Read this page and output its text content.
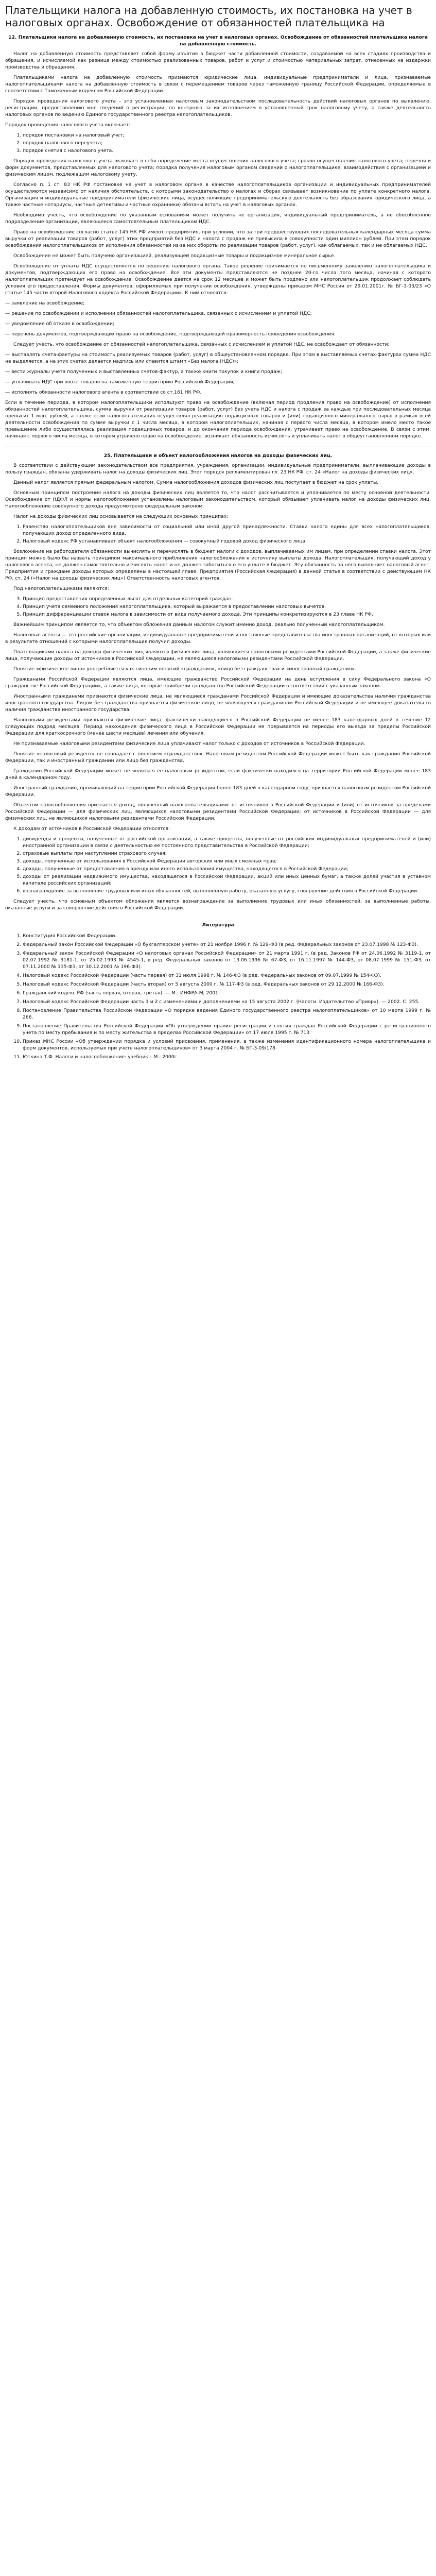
Плательщики налога на добавленную стоимость, их постановка на учет в налоговых органах. Освобождение от обязанностей плательщика на
12. Плательщики налога на добавленную стоимость, их постановка на учет в налоговых органах. Освобождение от обязанностей плательщика налога на добавленную стоимость.

Налог на добавленную стоимость представляет собой форму изъятия в бюджет части добавленной стоимости, создаваемой на всех стадиях производства и обращения, и исчисляемой как разница между стоимостью реализованных товаров, работ и услуг и стоимостью материальных затрат, отнесенных на издержки производства и обращения.

Плательщиками налога на добавленную стоимость признаются юридические лица, индивидуальные предприниматели и лица, признаваемые налогоплательщиками налога на добавленную стоимость в связи с перемещением товаров через таможенную границу Российской Федерации, определяемые в соответствии с Таможенным кодексом Российской Федерации.

Порядок проведения налогового учета – это установленная налоговым законодательством последовательность действий налоговых органов по выявлению, регистрации, предоставлению мне сведений о регистрации, по контролю за их исполнением в установленный срок налоговому учету, а также деятельность налоговых органов по ведению Единого государственного реестра налогоплательщиков.

Порядок проведения налогового учета включает:

1. порядок постановки на налоговый учет;
2. порядок налогового переучета;
3. порядок снятия с налогового учета.

Порядок проведения налогового учета включает в себя определение места осуществления налогового учета; сроков осуществления налогового учета; перечня и форм документов, представляемых для налогового учета; порядка получения налоговым органом сведений о налогоплательщике, взаимодействия с организацией и физическим лицом, подлежащим налоговому учету.

Согласно п. 1 ст. 83 НК РФ постановке на учет в налоговом органе в качестве налогоплательщиков организации и индивидуальных предпринимателей осуществляются независимо от наличия обстоятельств, с которыми законодательство о налогах и сборах связывает возникновение по уплате конкретного налога. Организация и индивидуальные предприниматели (физические лица, осуществляющие предпринимательскую деятельность без образования юридического лица, а также частные нотариусы, частные детективы и частные охранники) обязаны встать на учет в налоговых органах.

Необходимо учесть, что освобождение по указанным основаниям может получить не организация, индивидуальный предприниматель, а не обособленное подразделение организации, являющееся самостоятельным плательщиком НДС.

Право на освобождение согласно статье 145 НК РФ имеют предприятия, при условии, что за три предшествующих последовательных календарных месяца сумма выручки от реализации товаров (работ, услуг) этих предприятий без НДС и налога с продаж не превысила в совокупности один миллион рублей. При этом порядок освобождения налогоплательщиков от исполнения обязанностей из-за них обороты по реализации товаров (работ, услуг), как облагаемых, так и не облагаемых НДС.

Освобождение не может быть получено организацией, реализующей подакцизные товары и подакцизное минеральное сырье.

Освобождение от уплаты НДС осуществляется по решению налогового органа. Такое решение принимается по письменному заявлению налогоплательщика и документов, подтверждающих его право на освобождение. Все эти документы представляются не позднее 20-го числа того месяца, начиная с которого налогоплательщик претендует на освобождение. Освобождение дается на срок 12 месяцев и может быть продлено или налогоплательщик продолжает соблюдать условия его предоставления. Формы документов, оформляемых при получении освобождения, утверждены приказом МНС России от 29.01.2001г. № БГ-3-03/23 «О статье 145 части второй Налогового кодекса Российской Федерации». К ним относятся:

— заявление на освобождение;

— решение по освобождении и исполнении обязанностей налогоплательщика, связанных с исчислением и уплатой НДС;

— уведомление об отказе в освобождении;

— перечень документов, подтверждающих право на освобождение, подтверждающей правомерность проведения освобождения.

Следует учесть, что освобождение от обязанностей налогоплательщика, связанных с исчислением и уплатой НДС, не освобождает от обязанности:

— выставлять счета-фактуры на стоимость реализуемых товаров (работ, услуг) в общеустановленном порядке. При этом в выставляемых счетах-фактурах сумма НДС не выделяется, а на этих счетах делается надпись или ставится штамп «Без налога (НДС)»;

— вести журналы учета полученных и выставленных счетов-фактур, а также книги покупок и книги продаж;

— уплачивать НДС при ввозе товаров на таможенную территорию Российской Федерации;

— исполнять обязанности налогового агента в соответствии со ст.161 НК РФ.

Если в течение периода, в котором налогоплательщики используют право на освобождение (включая период продления право на освобождение) от исполнения обязанностей налогоплательщика, сумма выручки от реализации товаров (работ, услуг) без учета НДС и налога с продаж за каждые три последовательных месяца превысит 1 млн. рублей, а также если налогоплательщик осуществлял реализацию подакцизных товаров и (или) подакцизного минерального сырья в рамках всей деятельности освобождения по сумме выручки с 1 числа месяца, в котором налогоплательщик, начиная с первого числа месяца, в котором имело место такое превышение либо осуществлялась реализация подакцизных товаров, и до окончания периода освобождения, утрачивает право на освобождение. В связи с этим, начиная с первого числа месяца, в котором утрачено право на освобождение, возникает обязанность исчислять и уплачивать налог в общеустановленном порядке.

25. Плательщики и объект налогообложения налогов на доходы физических лиц.

В соответствии с действующим законодательством все предприятия, учреждения, организации, индивидуальные предприниматели, выплачивающие доходы в пользу граждан, обязаны удерживать налог на доходы физических лиц. Этот порядок регламентирован гл. 23 НК РФ, ст. 24 «Налог на доходы физических лиц».

Данный налог является прямым федеральным налогом. Сумма налогообложения доходов физических лиц поступает в бюджет на срок уплаты.

Основным принципом построения налога на доходы физических лиц является то, что налог рассчитывается и уплачивается по месту основной деятельности. Освобождение от НДФЛ и нормы налогообложения установлены налоговым законодательством, который обязывает уплачивать налог на доходы физических лиц. Налогообложение совокупного дохода предусмотрено федеральным законом.

Налог на доходы физических лиц основывается на следующих основных принципах:

1. Равенство налогоплательщиков вне зависимости от социальной или иной другой принадлежности. Ставки налога едины для всех налогоплательщиков, получающих доход определенного вида.
2. Налоговый кодекс РФ устанавливает объект налогообложения — совокупный годовой доход физического лица.

Возложение на работодателя обязанности вычислять и перечислять в бюджет налоги с доходов, выплачиваемых им лицам, при определении ставки налога. Этот принцип можно было бы назвать принципом максимального приближения налогообложения к источнику выплаты дохода. Налогоплательщик, получающий доход у налогового агента, не должен самостоятельно исчислять налог и не должен заботиться о его уплате в бюджет. Эту обязанность за него выполняет налоговый агент. Предприятия и граждане доходы которых определены в настоящей главе. Предприятия (Российская Федерация) в данной статье в соответствии с действующим НК РФ, ст. 24 («Налог на доходы физических лиц») Ответственность налоговых агентов.

Под налогоплательщиками являются:

3. Принцип предоставления определенных льгот для отдельных категорий граждан.
4. Принцип учета семейного положения налогоплательщика, который выражается в предоставлении налоговых вычетов.
5. Принцип дифференциации ставок налога в зависимости от вида получаемого дохода. Эти принципы конкретизируются в 23 главе НК РФ.

Важнейшим принципом является то, что объектом обложения данным налогом служит именно доход, реально полученный налогоплательщиком.

Налоговые агенты — это российские организации, индивидуальные предприниматели и постоянные представительства иностранных организаций, от которых или в результате отношений с которыми налогоплательщик получил доходы.

Плательщиками налога на доходы физических лиц являются физические лица, являющиеся налоговыми резидентами Российской Федерации, а также физические лица, получающие доходы от источников в Российской Федерации, не являющиеся налоговыми резидентами Российской Федерации.

Понятие «физическое лицо» употребляется как синоним понятий «гражданин», «лицо без гражданства» и «иностранный гражданин».

Гражданами Российской Федерации являются лица, имеющие гражданство Российской Федерации на день вступления в силу Федерального закона «О гражданстве Российской Федерации», а также лица, которые приобрели гражданство Российской Федерации в соответствии с указанным законом.

Иностранными гражданами признаются физические лица, не являющиеся гражданами Российской Федерации и имеющие доказательства наличия гражданства иностранного государства. Лицом без гражданства признается физическое лицо, не являющееся гражданином Российской Федерации и не имеющее доказательств наличия гражданства иностранного государства.

Налоговыми резидентами признаются физические лица, фактически находящиеся в Российской Федерации не менее 183 календарных дней в течение 12 следующих подряд месяцев. Период нахождения физического лица в Российской Федерации не прерывается на периоды его выезда за пределы Российской Федерации для краткосрочного (менее шести месяцев) лечения или обучения.

Не признаваемые налоговыми резидентами физические лица уплачивают налог только с доходов от источников в Российской Федерации.

Понятие «налоговый резидент» не совпадает с понятием «гражданство». Налоговым резидентом Российской Федерации может быть как гражданин Российской Федерации, так и иностранный гражданин или лицо без гражданства.

Гражданин Российской Федерации может не являться ее налоговым резидентом, если фактически находился на территории Российской Федерации менее 183 дней в календарном году.

Иностранный гражданин, проживающий на территории Российской Федерации более 183 дней в календарном году, признается налоговым резидентом Российской Федерации.

Объектом налогообложения признается доход, полученный налогоплательщиками: от источников в Российской Федерации и (или) от источников за пределами Российской Федерации — для физических лиц, являющихся налоговыми резидентами Российской Федерации; от источников в Российской Федерации — для физических лиц, не являющихся налоговыми резидентами Российской Федерации.

К доходам от источников в Российской Федерации относятся:

1. дивиденды и проценты, полученные от российской организации, а также проценты, полученные от российских индивидуальных предпринимателей и (или) иностранной организации в связи с деятельностью ее постоянного представительства в Российской Федерации;
2. страховые выплаты при наступлении страхового случая;
3. доходы, полученные от использования в Российской Федерации авторских или иных смежных прав;
4. доходы, полученные от предоставления в аренду или иного использования имущества, находящегося в Российской Федерации;
5. доходы от реализации недвижимого имущества, находящегося в Российской Федерации, акций или иных ценных бумаг, а также долей участия в уставном капитале российских организаций;
6. вознаграждение за выполнение трудовых или иных обязанностей, выполненную работу, оказанную услугу, совершение действия в Российской Федерации.

Следует учесть, что основным объектом обложения является вознаграждение за выполнение трудовых или иных обязанностей, за выполненные работы, оказанные услуги и за совершение действия в Российской Федерации.

Литература
1. Конституция Российской Федерации.
2. Федеральный закон Российской Федерации «О бухгалтерском учете» от 21 ноября 1996 г. № 129-ФЗ (в ред. Федеральных законов от 23.07.1998 № 123-ФЗ).
3. Федеральный закон Российской Федерации «О налоговых органах Российской Федерации» от 21 марта 1991 г. (в ред. Законов РФ от 24.06.1992 № 3119-1, от 02.07.1992 № 3181-1, от 25.02.1993 № 4545-1, в ред. Федеральных законов от 13.06.1996 № 67-ФЗ, от 16.11.1997 № 144-ФЗ, от 08.07.1999 № 151-ФЗ, от 07.11.2000 № 135-ФЗ, от 30.12.2001 № 196-ФЗ).
4. Налоговый кодекс Российской Федерации (часть первая) от 31 июля 1998 г. № 146-ФЗ (в ред. Федеральных законов от 09.07.1999 № 154-ФЗ).
5. Налоговый кодекс Российской Федерации (часть вторая) от 5 августа 2000 г. № 117-ФЗ (в ред. Федеральных законов от 29.12.2000 № 166-ФЗ).
6. Гражданский кодекс РФ (часть первая, вторая, третья). — М.: ИНФРА-М, 2001.
7. Налоговый кодекс Российской Федерации часть 1 и 2 с изменениями и дополнениями на 15 августа 2002 г. (Налоги. Издательство «Приор»). — 2002. С. 255.
8. Постановление Правительства Российской Федерации «О порядке ведения Единого государственного реестра налогоплательщиков» от 10 марта 1999 г. № 266.
9. Постановление Правительства Российской Федерации «Об утверждении правил регистрации и снятия граждан Российской Федерации с регистрационного учета по месту пребывания и по месту жительства в пределах Российской Федерации» от 17 июля 1995 г. № 713.
10. Приказ МНС России «Об утверждении порядка и условий присвоения, применения, а также изменения идентификационного номера налогоплательщика и форм документов, используемых при учете налогоплательщиков» от 3 марта 2004 г. № БГ-3-09/178.
11. Юткина Т.Ф. Налоги и налогообложение: учебник.– М.: 2000г.
